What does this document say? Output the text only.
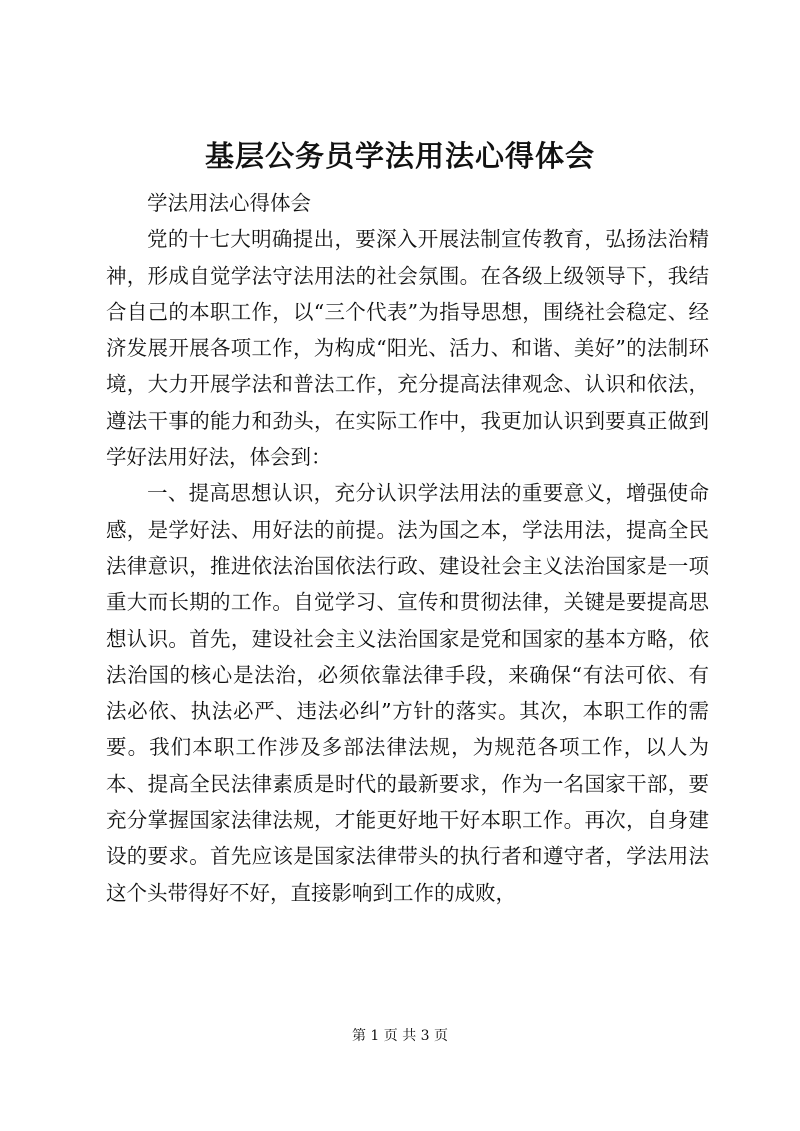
基层公务员学法用法心得体会

学法用法心得体会

党的十七大明确提出，要深入开展法制宣传教育，弘扬法治精神，形成自觉学法守法用法的社会氛围。在各级上级领导下，我结合自己的本职工作，以“三个代表”为指导思想，围绕社会稳定、经济发展开展各项工作，为构成“阳光、活力、和谐、美好”的法制环境，大力开展学法和普法工作，充分提高法律观念、认识和依法，遵法干事的能力和劲头，在实际工作中，我更加认识到要真正做到学好法用好法，体会到：

一、提高思想认识，充分认识学法用法的重要意义，增强使命感，是学好法、用好法的前提。法为国之本，学法用法，提高全民法律意识，推进依法治国依法行政、建设社会主义法治国家是一项重大而长期的工作。自觉学习、宣传和贯彻法律，关键是要提高思想认识。首先，建设社会主义法治国家是党和国家的基本方略，依法治国的核心是法治，必须依靠法律手段，来确保“有法可依、有法必依、执法必严、违法必纠”方针的落实。其次，本职工作的需要。我们本职工作涉及多部法律法规，为规范各项工作，以人为本、提高全民法律素质是时代的最新要求，作为一名国家干部，要充分掌握国家法律法规，才能更好地干好本职工作。再次，自身建设的要求。首先应该是国家法律带头的执行者和遵守者，学法用法这个头带得好不好，直接影响到工作的成败，

第 1 页 共 3 页
